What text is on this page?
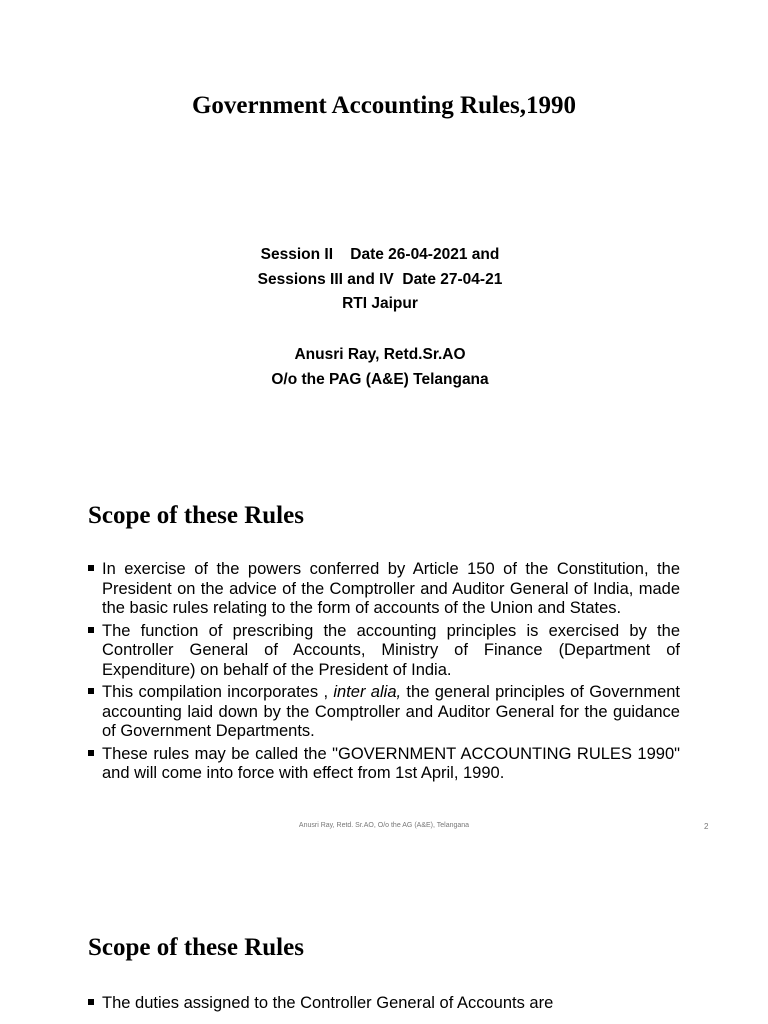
Government Accounting Rules,1990
Session II    Date 26-04-2021 and
Sessions III and IV  Date 27-04-21
RTI Jaipur
Anusri Ray, Retd.Sr.AO
O/o the PAG (A&E) Telangana
Scope of these Rules
In exercise of the powers conferred by Article 150 of the Constitution, the President on the advice of the Comptroller and Auditor General of India, made the basic rules relating to the form of accounts of the Union and States.
The function of prescribing the accounting principles is exercised by the Controller General of Accounts, Ministry of Finance (Department of Expenditure) on behalf of the President of India.
This compilation incorporates , inter alia, the general principles of Government accounting laid down by the Comptroller and Auditor General for the guidance of Government Departments.
These rules may be called the "GOVERNMENT ACCOUNTING RULES 1990" and will come into force with effect from 1st April, 1990.
Anusri Ray, Retd. Sr.AO, O/o the AG (A&E), Telangana	2
Scope of these Rules
The duties assigned to the Controller General of Accounts are
